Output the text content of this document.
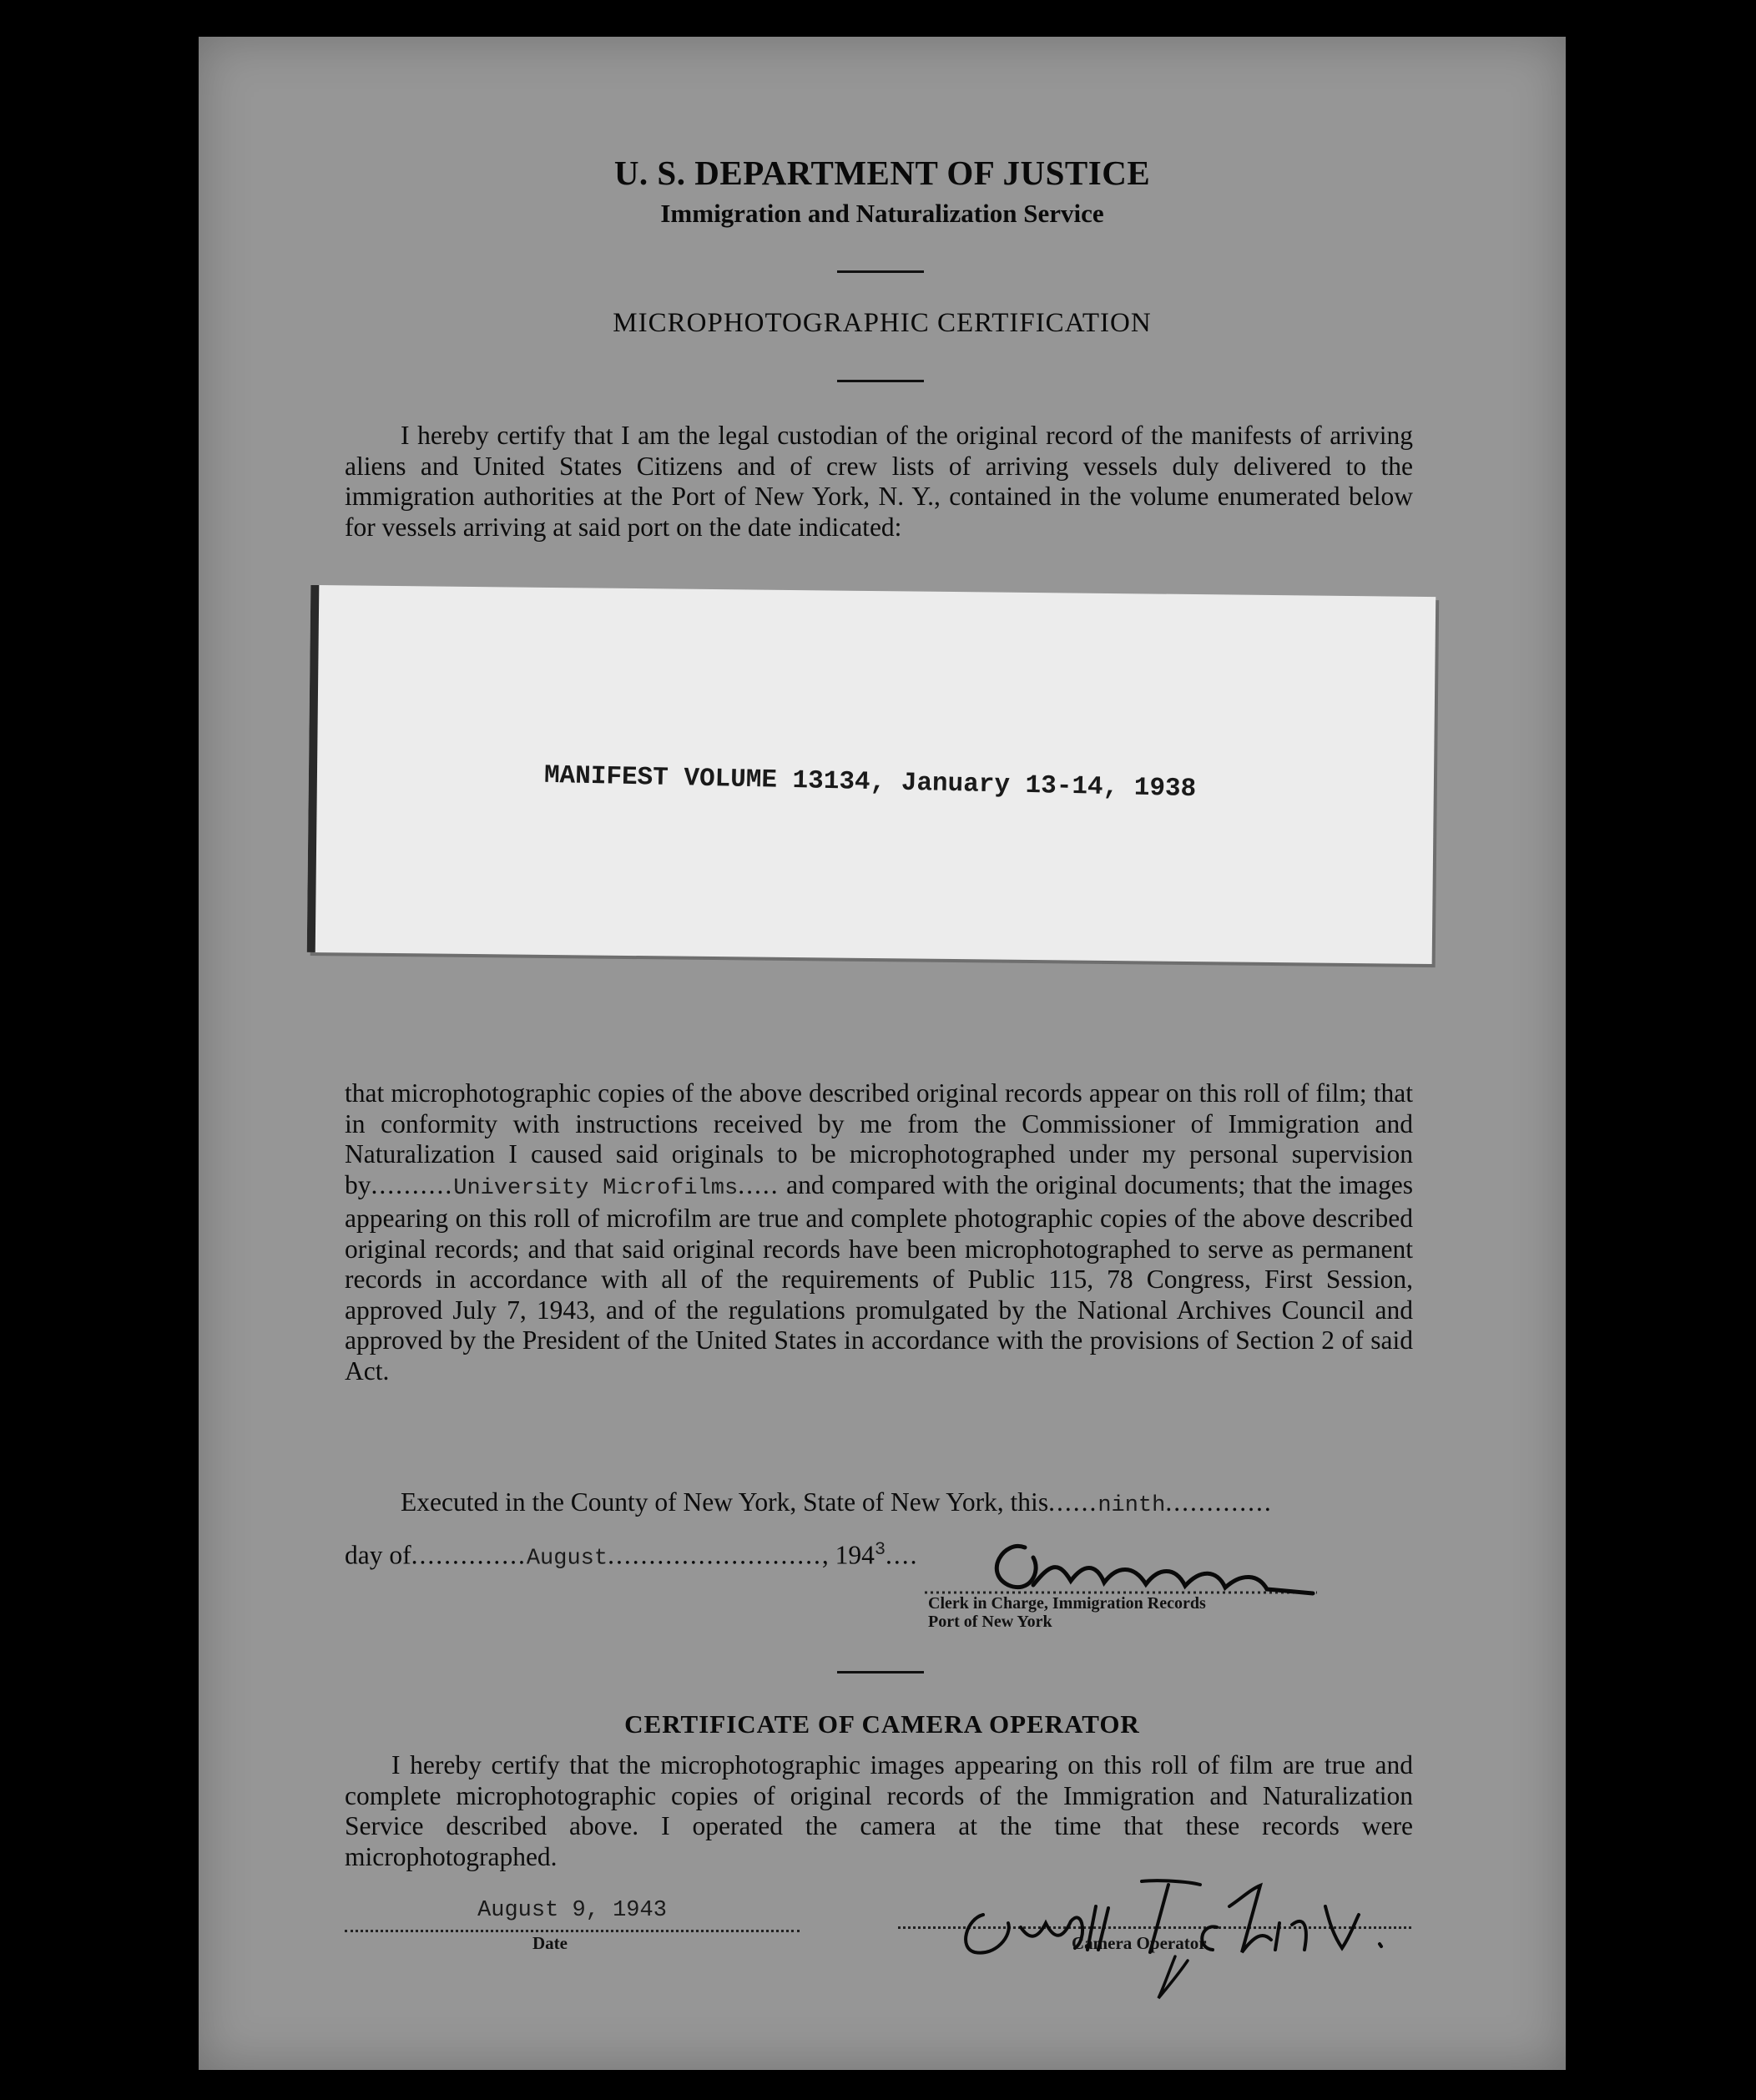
U. S. DEPARTMENT OF JUSTICE
Immigration and Naturalization Service
MICROPHOTOGRAPHIC CERTIFICATION

I hereby certify that I am the legal custodian of the original record of the manifests of arriving aliens and United States Citizens and of crew lists of arriving vessels duly delivered to the immigration authorities at the Port of New York, N. Y., contained in the volume enumerated below for vessels arriving at said port on the date indicated:

MANIFEST VOLUME 13134, January 13-14, 1938

that microphotographic copies of the above described original records appear on this roll of film; that in conformity with instructions received by me from the Commissioner of Immigration and Naturalization I caused said originals to be microphotographed under my personal supervision by..........University Microfilms..... and compared with the original documents; that the images appearing on this roll of microfilm are true and complete photographic copies of the above described original records; and that said original records have been microphotographed to serve as permanent records in accordance with all of the requirements of Public 115, 78 Congress, First Session, approved July 7, 1943, and of the regulations promulgated by the National Archives Council and approved by the President of the United States in accordance with the provisions of Section 2 of said Act.

Executed in the County of New York, State of New York, this......ninth.............
day of..............August.........................., $194^3$....
Clerk in Charge, Immigration Records
Port of New York
CERTIFICATE OF CAMERA OPERATOR

I hereby certify that the microphotographic images appearing on this roll of film are true and complete microphotographic copies of original records of the Immigration and Naturalization Service described above. I operated the camera at the time that these records were microphotographed.

August 9, 1943
Date	Camera Operator
